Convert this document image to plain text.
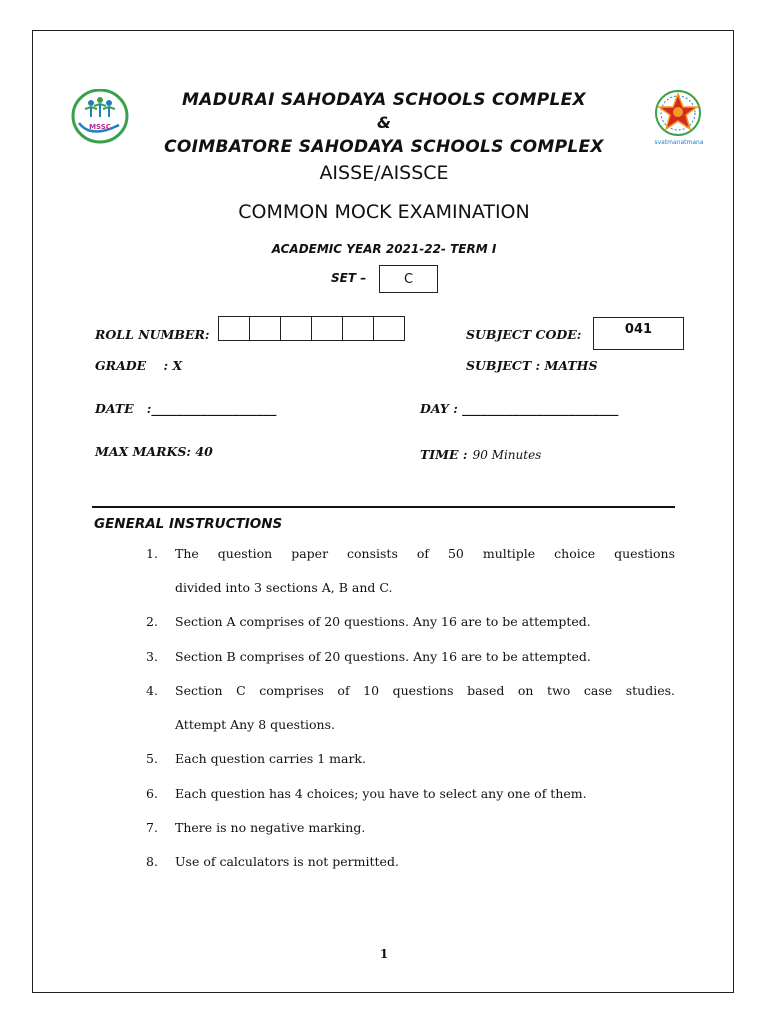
MSSC
svatmanatmana
MADURAI SAHODAYA SCHOOLS COMPLEX
&
COIMBATORE SAHODAYA SCHOOLS COMPLEX
AISSE/AISSCE
COMMON MOCK EXAMINATION
ACADEMIC YEAR 2021-22- TERM I
SET –	C
ROLL NUMBER:	SUBJECT CODE:	041
GRADE    : X	SUBJECT : MATHS
DATE   :____________________	DAY : _________________________
MAX MARKS: 40	TIME : 90 Minutes
GENERAL INSTRUCTIONS
1. The question paper consists of 50 multiple choice questions
divided into 3 sections A, B and C.
2. Section A comprises of 20 questions. Any 16 are to be attempted.
3. Section B comprises of 20 questions. Any 16 are to be attempted.
4. Section C comprises of 10 questions based on two case studies.
Attempt Any 8 questions.
5. Each question carries 1 mark.
6. Each question has 4 choices; you have to select any one of them.
7. There is no negative marking.
8. Use of calculators is not permitted.
1
